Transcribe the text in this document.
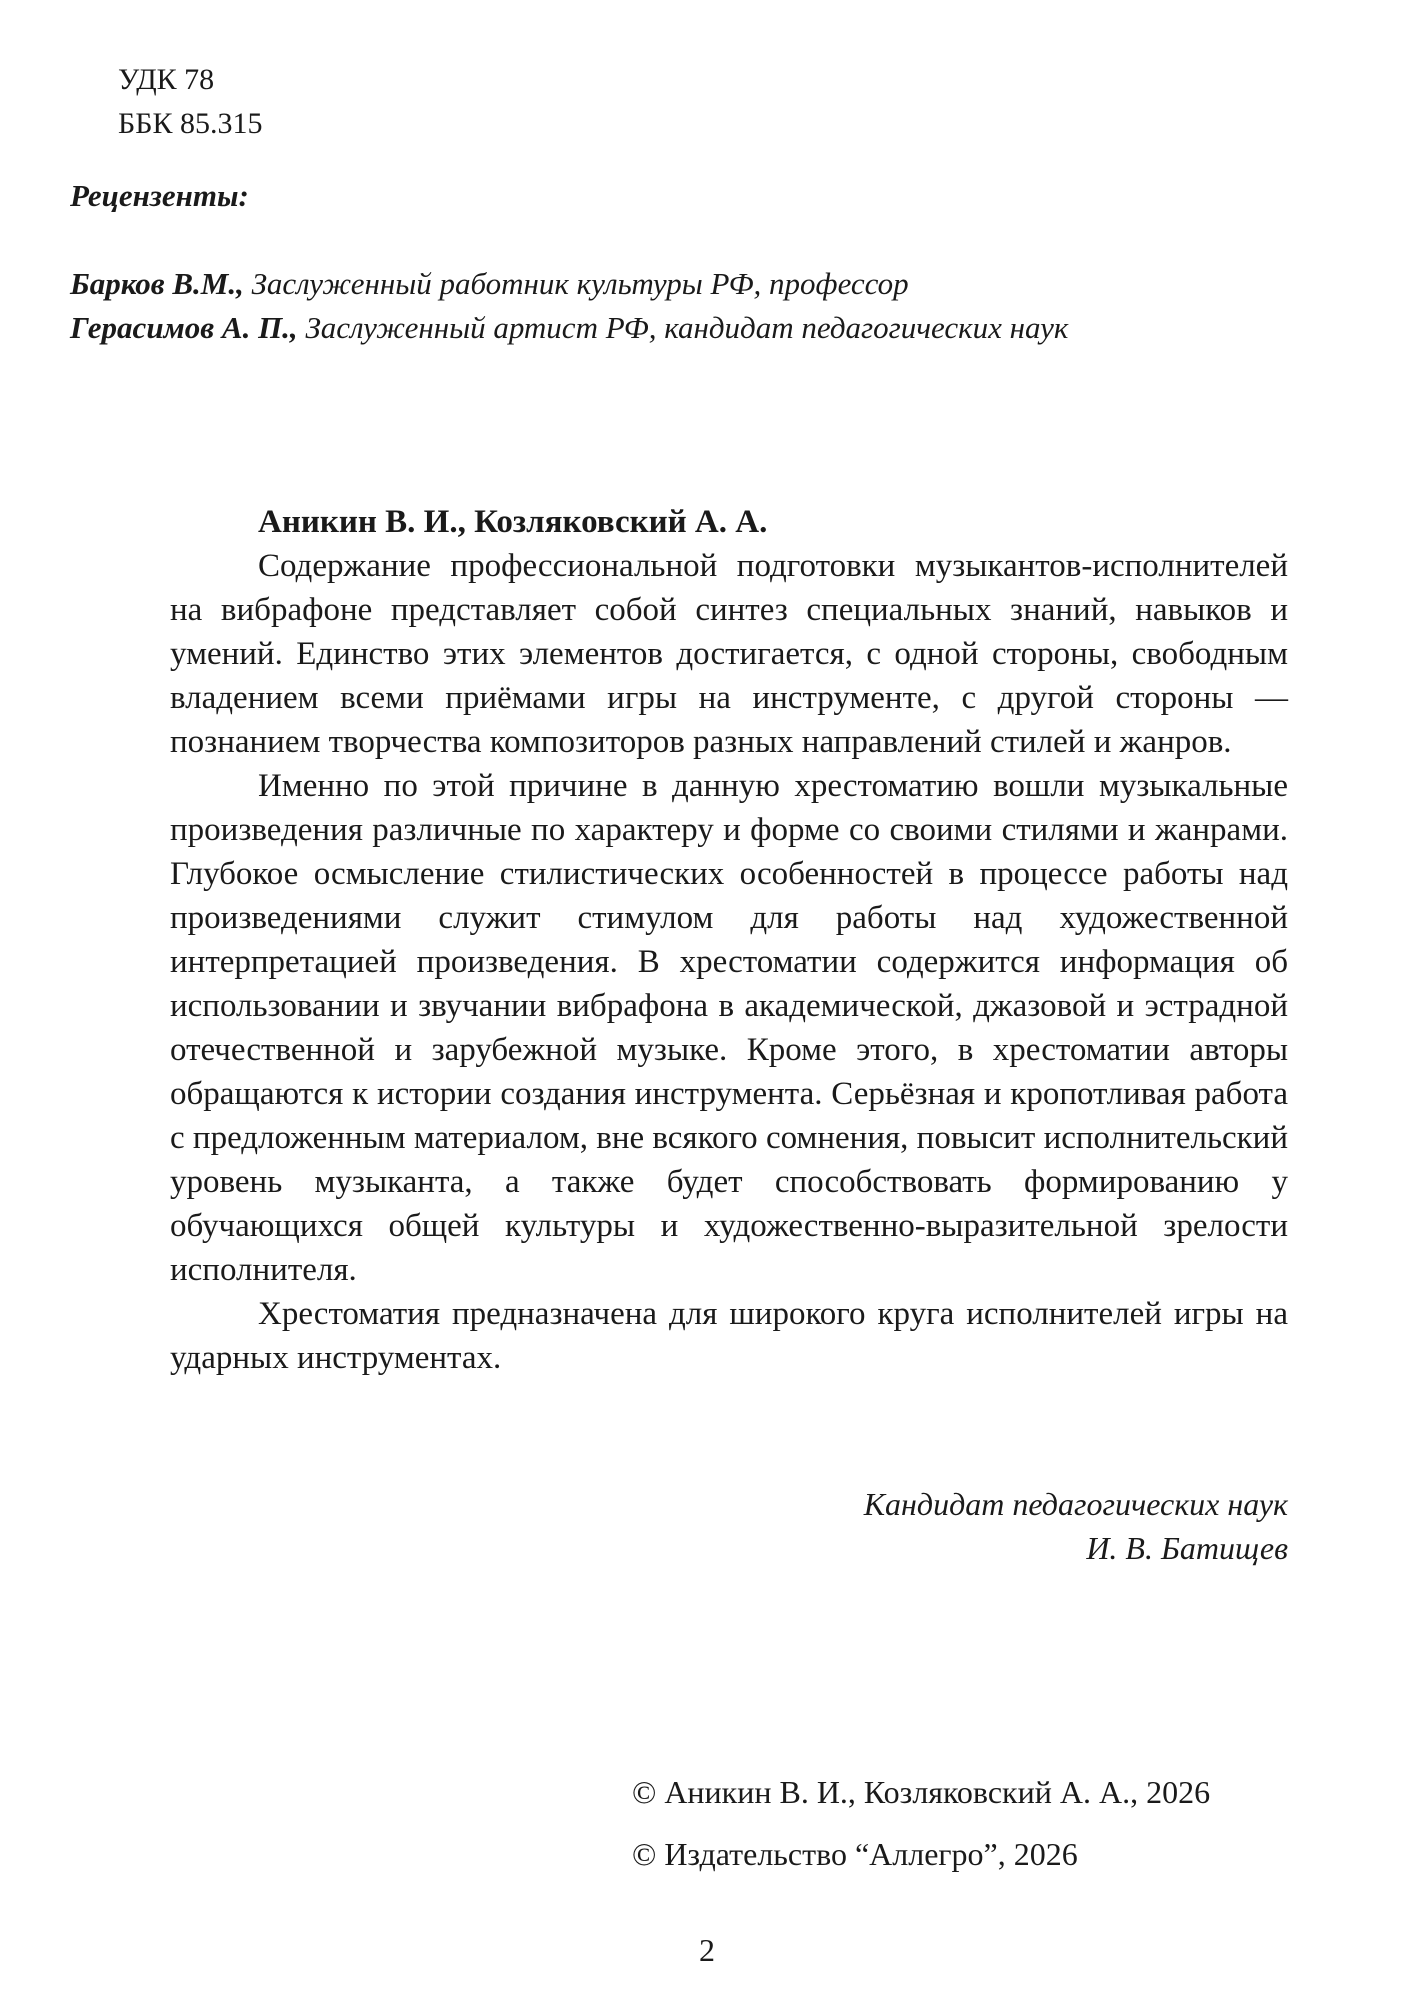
УДК 78
ББК 85.315
Рецензенты:
Барков В.М., Заслуженный работник культуры РФ, профессор
Герасимов А. П., Заслуженный артист РФ, кандидат педагогических наук

Аникин В. И., Козляковский А. А.

Содержание профессиональной подготовки музыкантов-исполнителей на вибрафоне представляет собой синтез специальных знаний, навыков и умений. Единство этих элементов достигается, с одной стороны, свободным владением всеми приёмами игры на инструменте, с другой стороны — познанием творчества композиторов разных направлений стилей и жанров.

Именно по этой причине в данную хрестоматию вошли музыкальные произведения различные по характеру и форме со своими стилями и жанрами. Глубокое осмысление стилистических особенностей в процессе работы над произведениями служит стимулом для работы над художественной интерпретацией произведения. В хрестоматии содержится информация об использовании и звучании вибрафона в академической, джазовой и эстрадной отечественной и зарубежной музыке. Кроме этого, в хрестоматии авторы обращаются к истории создания инструмента. Серьёзная и кропотливая работа с предложенным материалом, вне всякого сомнения, повысит исполнительский уровень музыканта, а также будет способствовать формированию у обучающихся общей культуры и художественно-выразительной зрелости исполнителя.

Хрестоматия предназначена для широкого круга исполнителей игры на ударных инструментах.

Кандидат педагогических наук
И. В. Батищев
© Аникин В. И., Козляковский А. А., 2026
© Издательство “Аллегро”, 2026
2
